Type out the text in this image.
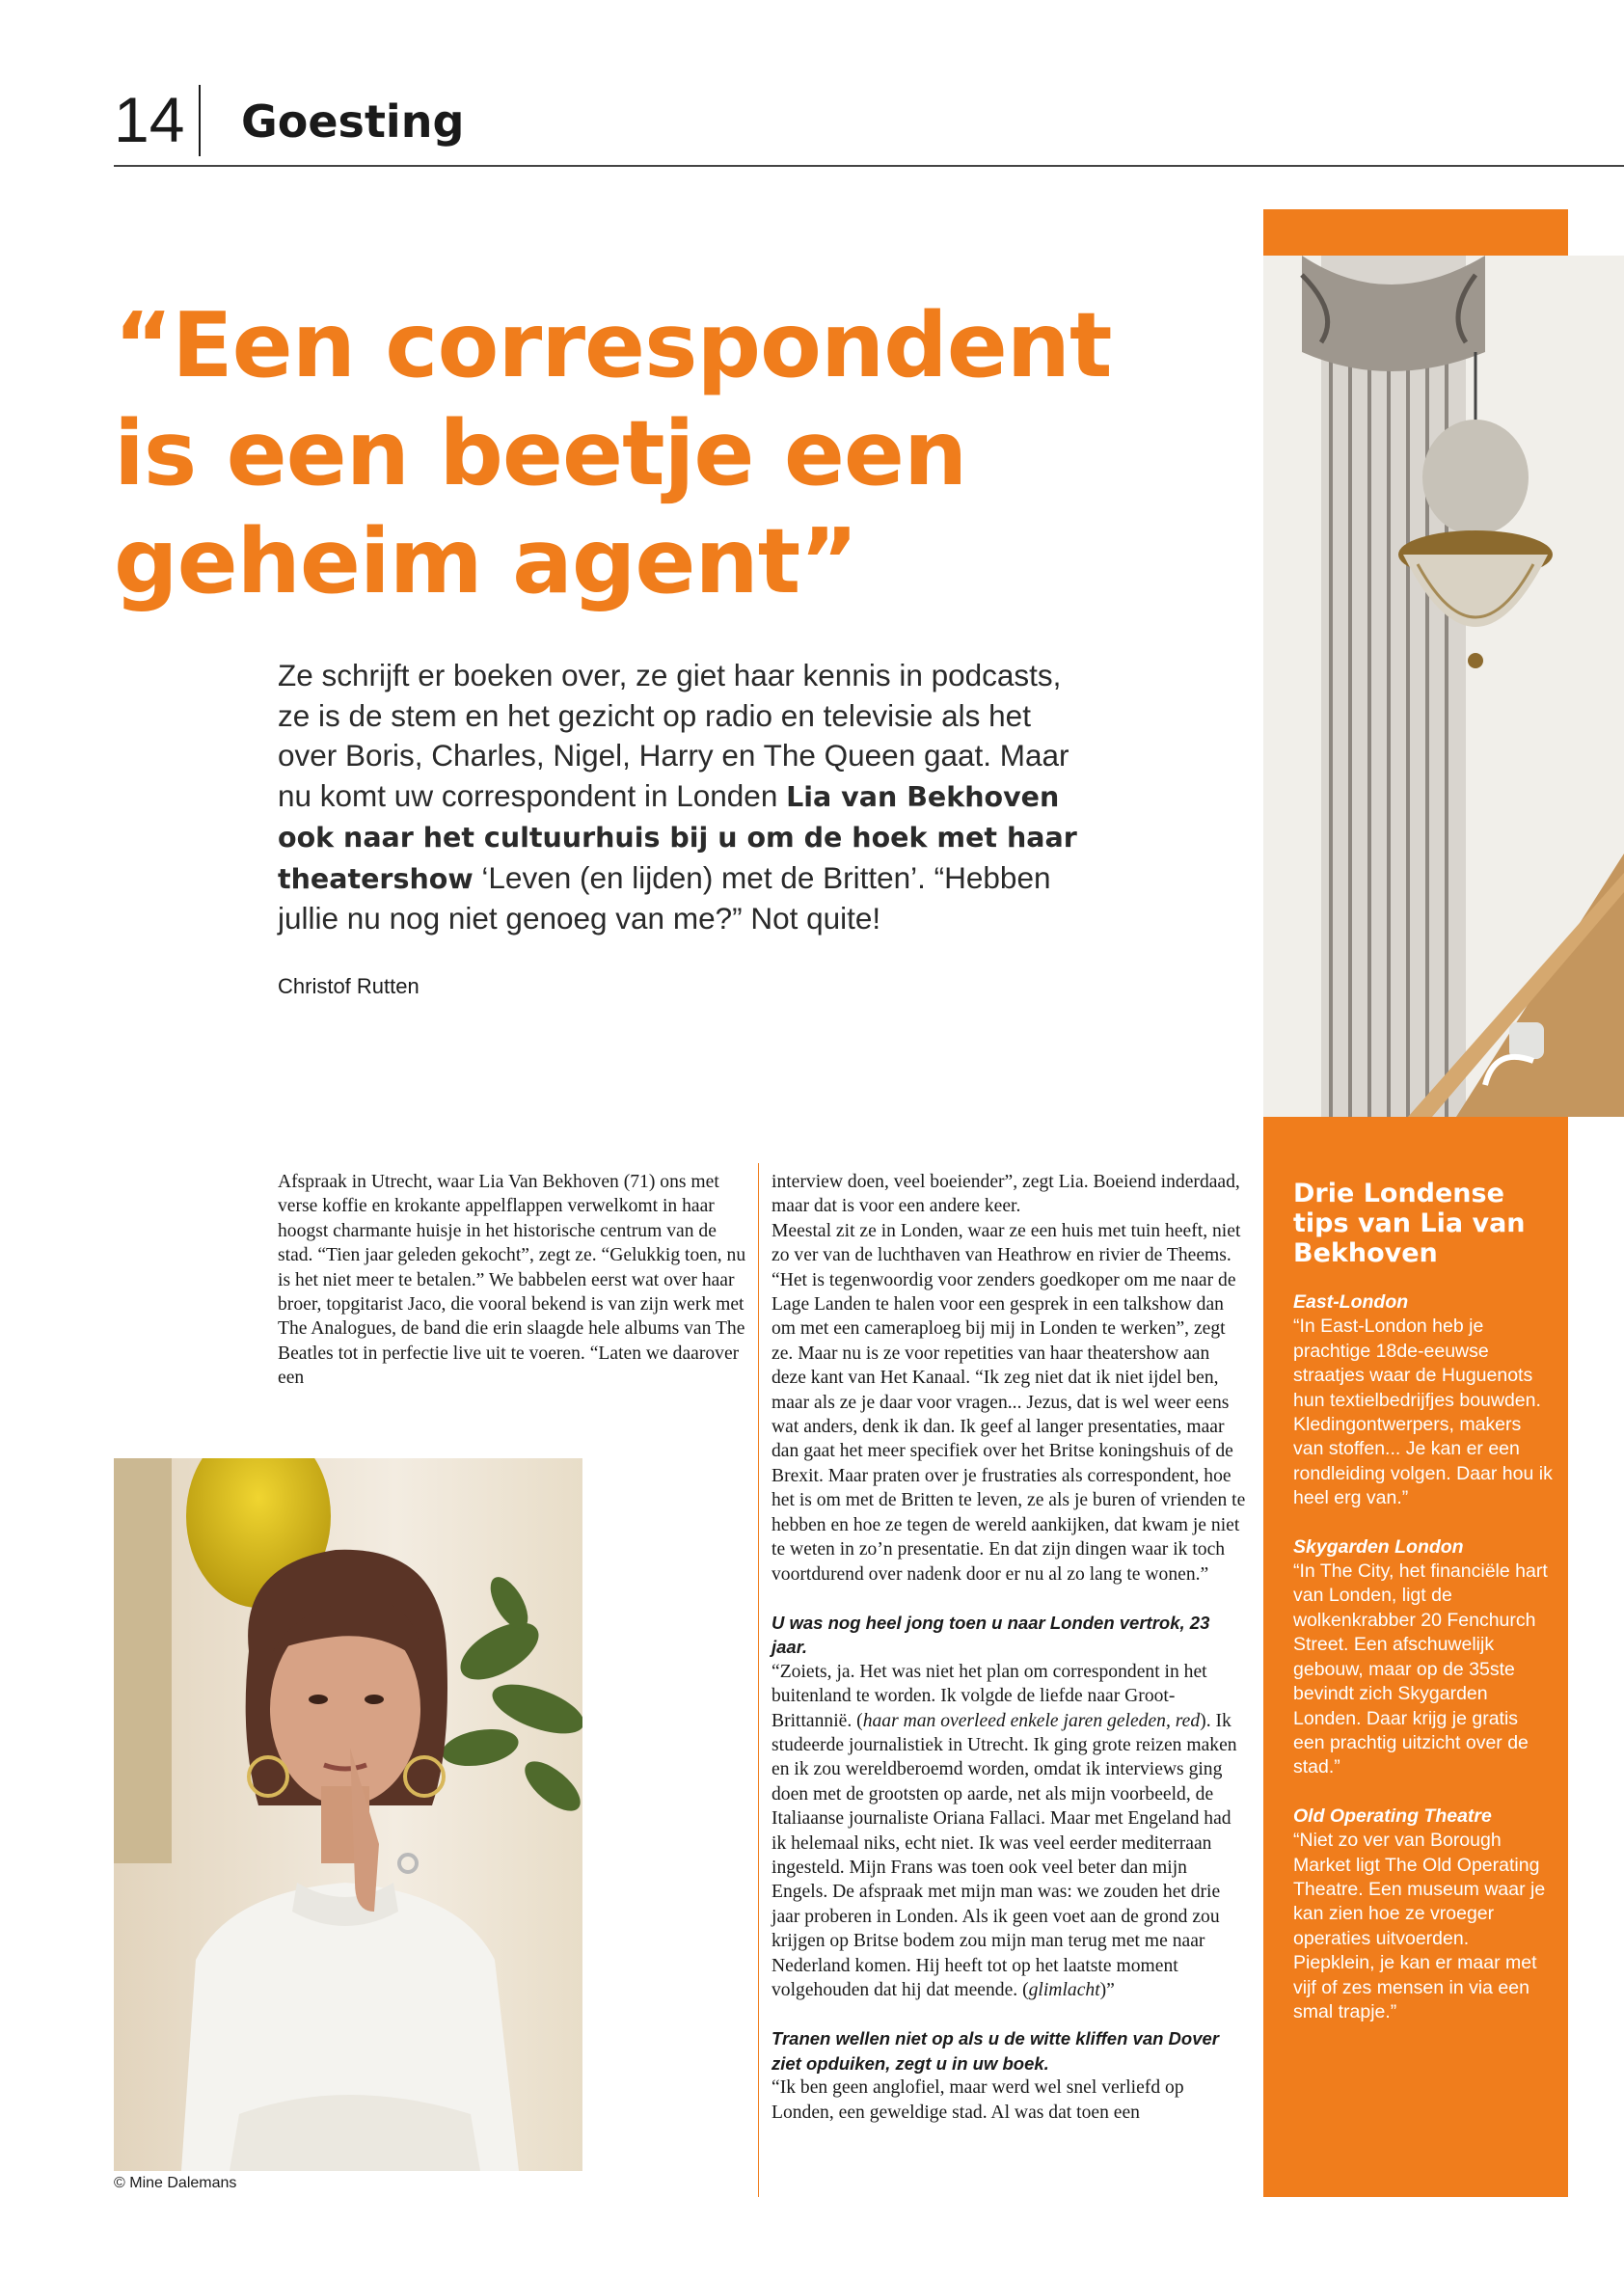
14 Goesting
“Een correspondent is een beetje een geheim agent”

Ze schrijft er boeken over, ze giet haar kennis in podcasts, ze is de stem en het gezicht op radio en televisie als het over Boris, Charles, Nigel, Harry en The Queen gaat. Maar nu komt uw correspondent in Londen Lia van Bekhoven ook naar het cultuurhuis bij u om de hoek met haar theatershow ‘Leven (en lijden) met de Britten’. “Hebben jullie nu nog niet genoeg van me?” Not quite!

Christof Rutten

Afspraak in Utrecht, waar Lia Van Bekhoven (71) ons met verse koffie en krokante appelflappen verwelkomt in haar hoogst charmante huisje in het historische centrum van de stad. “Tien jaar geleden gekocht”, zegt ze. “Gelukkig toen, nu is het niet meer te betalen.” We babbelen eerst wat over haar broer, topgitarist Jaco, die vooral bekend is van zijn werk met The Analogues, de band die erin slaagde hele albums van The Beatles tot in perfectie live uit te voeren. “Laten we daarover een

© Mine Dalemans
interview doen, veel boeiender”, zegt Lia. Boeiend inderdaad, maar dat is voor een andere keer.
Meestal zit ze in Londen, waar ze een huis met tuin heeft, niet zo ver van de luchthaven van Heathrow en rivier de Theems. “Het is tegenwoordig voor zenders goedkoper om me naar de Lage Landen te halen voor een gesprek in een talkshow dan om met een cameraploeg bij mij in Londen te werken”, zegt ze. Maar nu is ze voor repetities van haar theatershow aan deze kant van Het Kanaal. “Ik zeg niet dat ik niet ijdel ben, maar als ze je daar voor vragen... Jezus, dat is wel weer eens wat anders, denk ik dan. Ik geef al langer presentaties, maar dan gaat het meer specifiek over het Britse koningshuis of de Brexit. Maar praten over je frustraties als correspondent, hoe het is om met de Britten te leven, ze als je buren of vrienden te hebben en hoe ze tegen de wereld aankijken, dat kwam je niet te weten in zo’n presentatie. En dat zijn dingen waar ik toch voortdurend over nadenk door er nu al zo lang te wonen.”
U was nog heel jong toen u naar Londen vertrok, 23 jaar.
“Zoiets, ja. Het was niet het plan om correspondent in het buitenland te worden. Ik volgde de liefde naar Groot-Brittannië. (haar man overleed enkele jaren geleden, red). Ik studeerde journalistiek in Utrecht. Ik ging grote reizen maken en ik zou wereldberoemd worden, omdat ik interviews ging doen met de grootsten op aarde, net als mijn voorbeeld, de Italiaanse journaliste Oriana Fallaci. Maar met Engeland had ik helemaal niks, echt niet. Ik was veel eerder mediterraan ingesteld. Mijn Frans was toen ook veel beter dan mijn Engels. De afspraak met mijn man was: we zouden het drie jaar proberen in Londen. Als ik geen voet aan de grond zou krijgen op Britse bodem zou mijn man terug met me naar Nederland komen. Hij heeft tot op het laatste moment volgehouden dat hij dat meende. (glimlacht)”
Tranen wellen niet op als u de witte kliffen van Dover ziet opduiken, zegt u in uw boek.
“Ik ben geen anglofiel, maar werd wel snel verliefd op Londen, een geweldige stad. Al was dat toen een
Drie Londense tips van Lia van Bekhoven
East-London
“In East-London heb je prachtige 18de-eeuwse straatjes waar de Huguenots hun textielbedrijfjes bouwden. Kledingontwerpers, makers van stoffen... Je kan er een rondleiding volgen. Daar hou ik heel erg van.”
Skygarden London
“In The City, het financiële hart van Londen, ligt de wolkenkrabber 20 Fenchurch Street. Een afschuwelijk gebouw, maar op de 35ste bevindt zich Skygarden Londen. Daar krijg je gratis een prachtig uitzicht over de stad.”
Old Operating Theatre
“Niet zo ver van Borough Market ligt The Old Operating Theatre. Een museum waar je kan zien hoe ze vroeger operaties uitvoerden. Piepklein, je kan er maar met vijf of zes mensen in via een smal trapje.”
